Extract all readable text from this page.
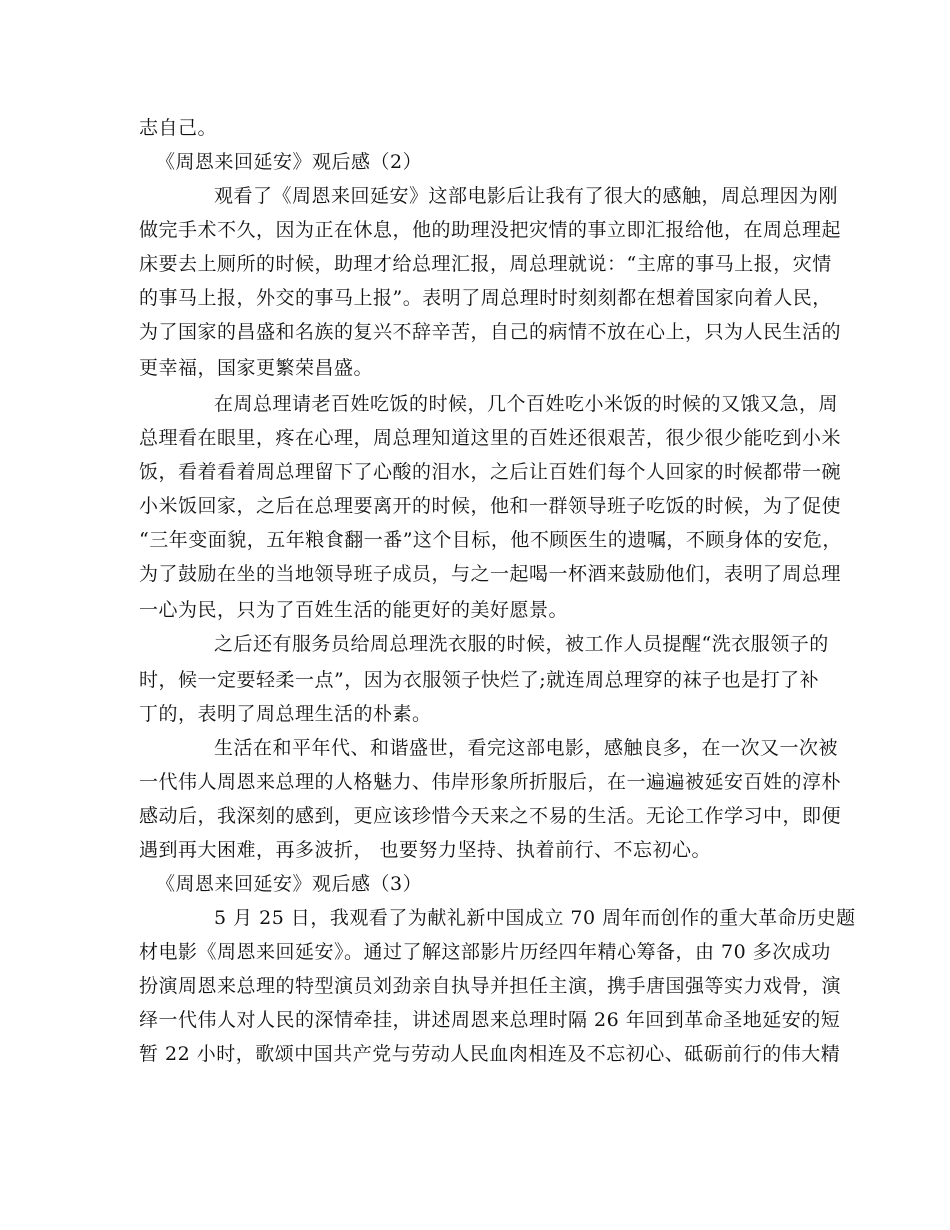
志自己。
《周恩来回延安》观后感（2）
观看了《周恩来回延安》这部电影后让我有了很大的感触，周总理因为刚
做完手术不久，因为正在休息，他的助理没把灾情的事立即汇报给他，在周总理起
床要去上厕所的时候，助理才给总理汇报，周总理就说：“主席的事马上报，灾情
的事马上报，外交的事马上报”。表明了周总理时时刻刻都在想着国家向着人民，
为了国家的昌盛和名族的复兴不辞辛苦，自己的病情不放在心上，只为人民生活的
更幸福，国家更繁荣昌盛。
在周总理请老百姓吃饭的时候，几个百姓吃小米饭的时候的又饿又急，周
总理看在眼里，疼在心理，周总理知道这里的百姓还很艰苦，很少很少能吃到小米
饭，看着看着周总理留下了心酸的泪水，之后让百姓们每个人回家的时候都带一碗
小米饭回家，之后在总理要离开的时候，他和一群领导班子吃饭的时候，为了促使
“三年变面貌，五年粮食翻一番”这个目标，他不顾医生的遗嘱，不顾身体的安危，
为了鼓励在坐的当地领导班子成员，与之一起喝一杯酒来鼓励他们，表明了周总理
一心为民，只为了百姓生活的能更好的美好愿景。
之后还有服务员给周总理洗衣服的时候，被工作人员提醒“洗衣服领子的
时，候一定要轻柔一点”，因为衣服领子快烂了;就连周总理穿的袜子也是打了补
丁的，表明了周总理生活的朴素。
生活在和平年代、和谐盛世，看完这部电影，感触良多，在一次又一次被
一代伟人周恩来总理的人格魅力、伟岸形象所折服后，在一遍遍被延安百姓的淳朴
感动后，我深刻的感到，更应该珍惜今天来之不易的生活。无论工作学习中，即便
遇到再大困难，再多波折， 也要努力坚持、执着前行、不忘初心。
《周恩来回延安》观后感（3）
5 月 25 日，我观看了为献礼新中国成立 70 周年而创作的重大革命历史题
材电影《周恩来回延安》。通过了解这部影片历经四年精心筹备，由 70 多次成功
扮演周恩来总理的特型演员刘劲亲自执导并担任主演，携手唐国强等实力戏骨，演
绎一代伟人对人民的深情牵挂，讲述周恩来总理时隔 26 年回到革命圣地延安的短
暂 22 小时，歌颂中国共产党与劳动人民血肉相连及不忘初心、砥砺前行的伟大精
